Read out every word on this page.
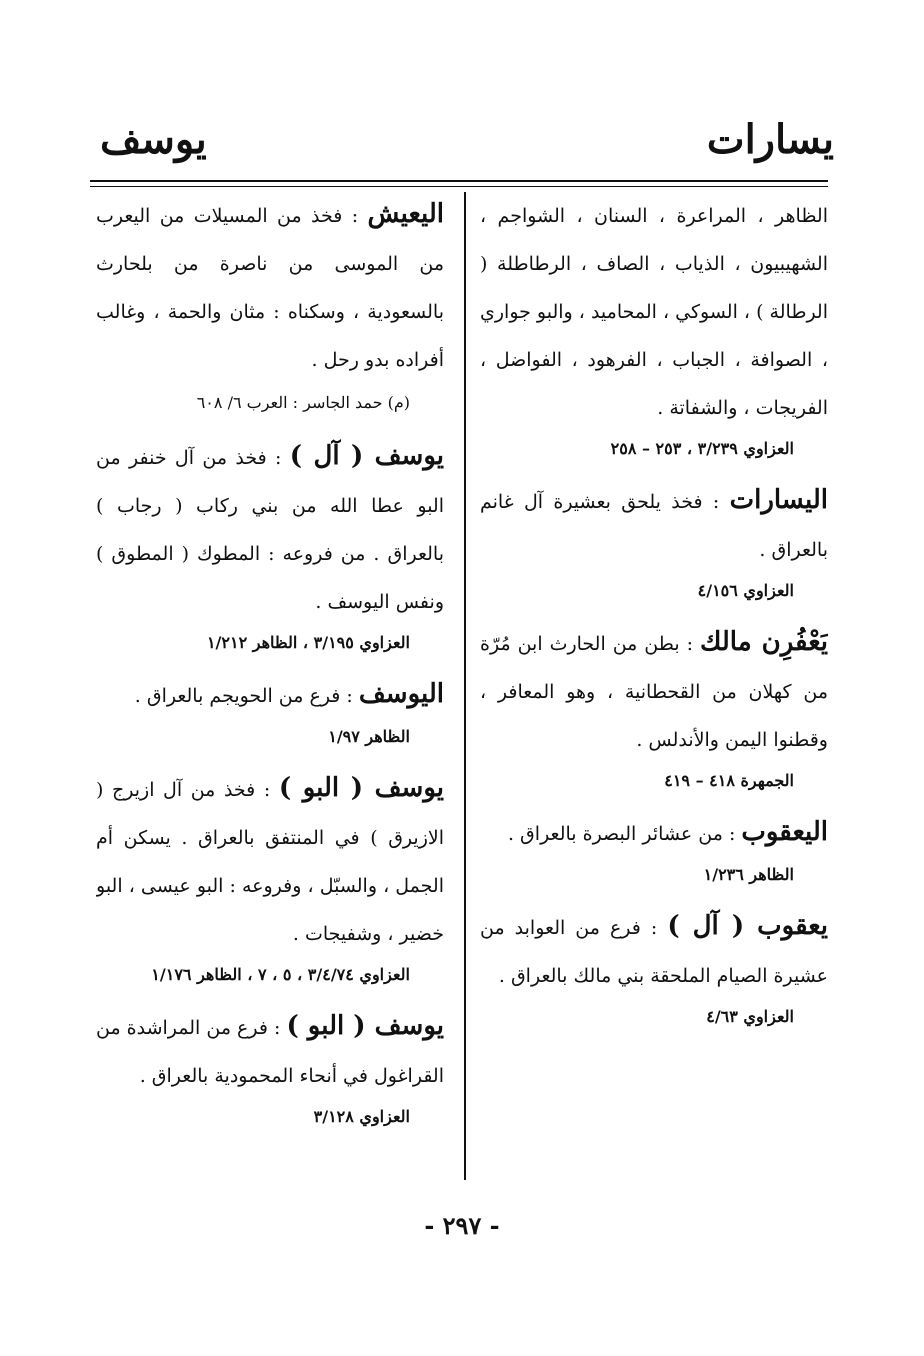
يسارات
يوسف

الظاهر ، المراعرة ، السنان ، الشواجم ، الشهيبيون ، الذياب ، الصاف ، الرطاطلة ( الرطالة ) ، السوكي ، المحاميد ، والبو جواري ، الصوافة ، الجباب ، الفرهود ، الفواضل ، الفريجات ، والشفاتة .

العزاوي ٣/٢٣٩ ، ٢٥٣ – ٢٥٨

اليسارات : فخذ يلحق بعشيرة آل غانم بالعراق .

العزاوي ٤/١٥٦

يَعْفُرِن مالك : بطن من الحارث ابن مُرّة من كهلان من القحطانية ، وهو المعافر ، وقطنوا اليمن والأندلس .

الجمهرة ٤١٨ – ٤١٩

اليعقوب : من عشائر البصرة بالعراق .

الظاهر ١/٢٣٦

يعقوب ( آل ) : فرع من العوابد من عشيرة الصيام الملحقة بني مالك بالعراق .

العزاوي ٤/٦٣

اليعيش : فخذ من المسيلات من اليعرب من الموسى من ناصرة من بلحارث بالسعودية ، وسكناه : مثان والحمة ، وغالب أفراده بدو رحل .

(م) حمد الجاسر : العرب ٦/ ٦٠٨

يوسف ( آل ) : فخذ من آل خنفر من البو عطا الله من بني ركاب ( رجاب ) بالعراق . من فروعه : المطوك ( المطوق ) ونفس اليوسف .

العزاوي ٣/١٩٥ ، الظاهر ١/٢١٢

اليوسف : فرع من الحويجم بالعراق .

الظاهر ١/٩٧

يوسف ( البو ) : فخذ من آل ازيرج ( الازيرق ) في المنتفق بالعراق . يسكن أم الجمل ، والسبّل ، وفروعه : البو عيسى ، البو خضير ، وشفيجات .

العزاوي ٣/٤/٧٤ ، ٥ ، ٧ ، الظاهر ١/١٧٦

يوسف ( البو ) : فرع من المراشدة من القراغول في أنحاء المحمودية بالعراق .

العزاوي ٣/١٢٨
- ٢٩٧ -
